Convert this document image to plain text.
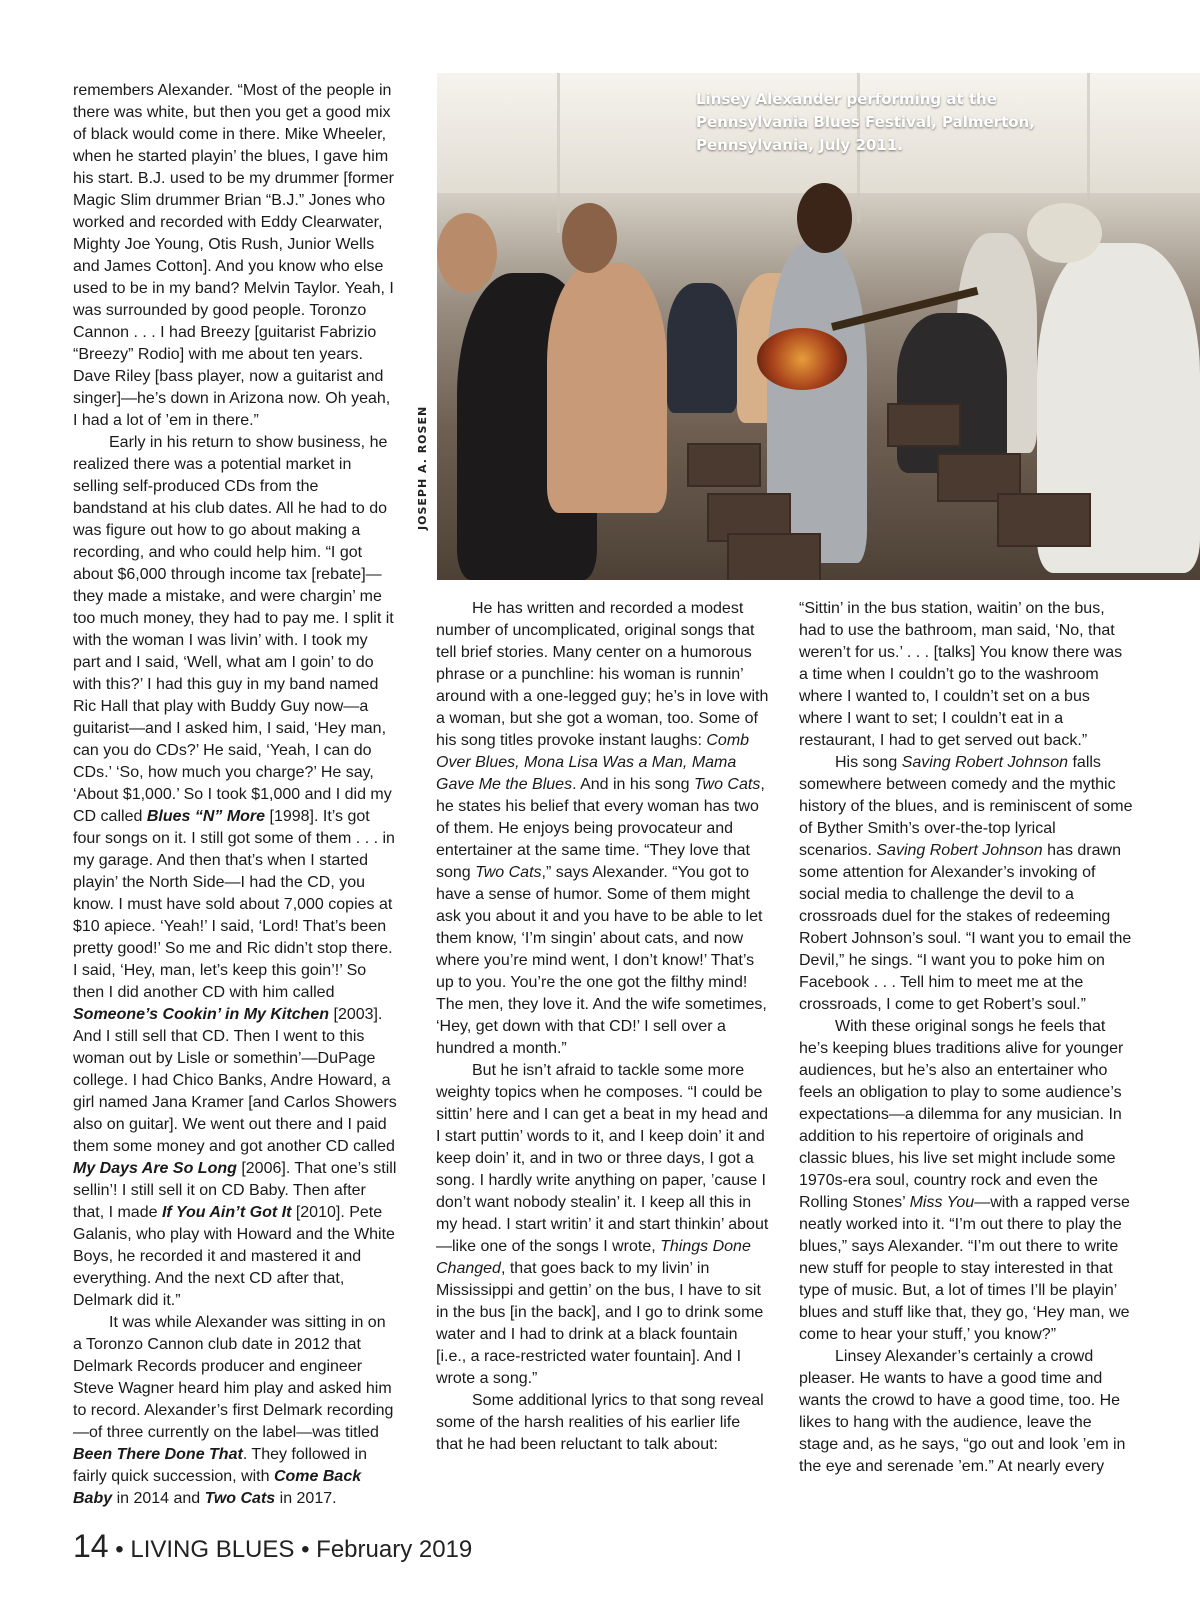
Linsey Alexander performing at the Pennsylvania Blues Festival, Palmerton, Pennsylvania, July 2011.
JOSEPH A. ROSEN

remembers Alexander. “Most of the people in there was white, but then you get a good mix of black would come in there. Mike Wheeler, when he started playin’ the blues, I gave him his start. B.J. used to be my drummer [former Magic Slim drummer Brian “B.J.” Jones who worked and recorded with Eddy Clearwater, Mighty Joe Young, Otis Rush, Junior Wells and James Cotton]. And you know who else used to be in my band? Melvin Taylor. Yeah, I was surrounded by good people. Toronzo Cannon . . . I had Breezy [guitarist Fabrizio “Breezy” Rodio] with me about ten years. Dave Riley [bass player, now a guitarist and singer]—he’s down in Arizona now. Oh yeah, I had a lot of ’em in there.”

Early in his return to show business, he realized there was a potential market in selling self-produced CDs from the bandstand at his club dates. All he had to do was figure out how to go about making a recording, and who could help him. “I got about $6,000 through income tax [rebate]—they made a mistake, and were chargin’ me too much money, they had to pay me. I split it with the woman I was livin’ with. I took my part and I said, ‘Well, what am I goin’ to do with this?’ I had this guy in my band named Ric Hall that play with Buddy Guy now—a guitarist—and I asked him, I said, ‘Hey man, can you do CDs?’ He said, ‘Yeah, I can do CDs.’ ‘So, how much you charge?’ He say, ‘About $1,000.’ So I took $1,000 and I did my CD called Blues “N” More [1998]. It’s got four songs on it. I still got some of them . . . in my garage. And then that’s when I started playin’ the North Side—I had the CD, you know. I must have sold about 7,000 copies at $10 apiece. ‘Yeah!’ I said, ‘Lord! That’s been pretty good!’ So me and Ric didn’t stop there. I said, ‘Hey, man, let’s keep this goin’!’ So then I did another CD with him called Someone’s Cookin’ in My Kitchen [2003]. And I still sell that CD. Then I went to this woman out by Lisle or somethin’—DuPage college. I had Chico Banks, Andre Howard, a girl named Jana Kramer [and Carlos Showers also on guitar]. We went out there and I paid them some money and got another CD called My Days Are So Long [2006]. That one’s still sellin’! I still sell it on CD Baby. Then after that, I made If You Ain’t Got It [2010]. Pete Galanis, who play with Howard and the White Boys, he recorded it and mastered it and everything. And the next CD after that, Delmark did it.”

It was while Alexander was sitting in on a Toronzo Cannon club date in 2012 that Delmark Records producer and engineer Steve Wagner heard him play and asked him to record. Alexander’s first Delmark recording—of three currently on the label—was titled Been There Done That. They followed in fairly quick succession, with Come Back Baby in 2014 and Two Cats in 2017.

He has written and recorded a modest number of uncomplicated, original songs that tell brief stories. Many center on a humorous phrase or a punchline: his woman is runnin’ around with a one-legged guy; he’s in love with a woman, but she got a woman, too. Some of his song titles provoke instant laughs: Comb Over Blues, Mona Lisa Was a Man, Mama Gave Me the Blues. And in his song Two Cats, he states his belief that every woman has two of them. He enjoys being provocateur and entertainer at the same time. “They love that song Two Cats,” says Alexander. “You got to have a sense of humor. Some of them might ask you about it and you have to be able to let them know, ‘I’m singin’ about cats, and now where you’re mind went, I don’t know!’ That’s up to you. You’re the one got the filthy mind! The men, they love it. And the wife sometimes, ‘Hey, get down with that CD!’ I sell over a hundred a month.”

But he isn’t afraid to tackle some more weighty topics when he composes. “I could be sittin’ here and I can get a beat in my head and I start puttin’ words to it, and I keep doin’ it and keep doin’ it, and in two or three days, I got a song. I hardly write anything on paper, ’cause I don’t want nobody stealin’ it. I keep all this in my head. I start writin’ it and start thinkin’ about—like one of the songs I wrote, Things Done Changed, that goes back to my livin’ in Mississippi and gettin’ on the bus, I have to sit in the bus [in the back], and I go to drink some water and I had to drink at a black fountain [i.e., a race-restricted water fountain]. And I wrote a song.”

Some additional lyrics to that song reveal some of the harsh realities of his earlier life that he had been reluctant to talk about:

“Sittin’ in the bus station, waitin’ on the bus, had to use the bathroom, man said, ‘No, that weren’t for us.’ . . . [talks] You know there was a time when I couldn’t go to the washroom where I wanted to, I couldn’t set on a bus where I want to set; I couldn’t eat in a restaurant, I had to get served out back.”

His song Saving Robert Johnson falls somewhere between comedy and the mythic history of the blues, and is reminiscent of some of Byther Smith’s over-the-top lyrical scenarios. Saving Robert Johnson has drawn some attention for Alexander’s invoking of social media to challenge the devil to a crossroads duel for the stakes of redeeming Robert Johnson’s soul. “I want you to email the Devil,” he sings. “I want you to poke him on Facebook . . . Tell him to meet me at the crossroads, I come to get Robert’s soul.”

With these original songs he feels that he’s keeping blues traditions alive for younger audiences, but he’s also an entertainer who feels an obligation to play to some audience’s expectations—a dilemma for any musician. In addition to his repertoire of originals and classic blues, his live set might include some 1970s-era soul, country rock and even the Rolling Stones’ Miss You—with a rapped verse neatly worked into it. “I’m out there to play the blues,” says Alexander. “I’m out there to write new stuff for people to stay interested in that type of music. But, a lot of times I’ll be playin’ blues and stuff like that, they go, ‘Hey man, we come to hear your stuff,’ you know?”

Linsey Alexander’s certainly a crowd pleaser. He wants to have a good time and wants the crowd to have a good time, too. He likes to hang with the audience, leave the stage and, as he says, “go out and look ’em in the eye and serenade ’em.” At nearly every

14 • LIVING BLUES • February 2019
